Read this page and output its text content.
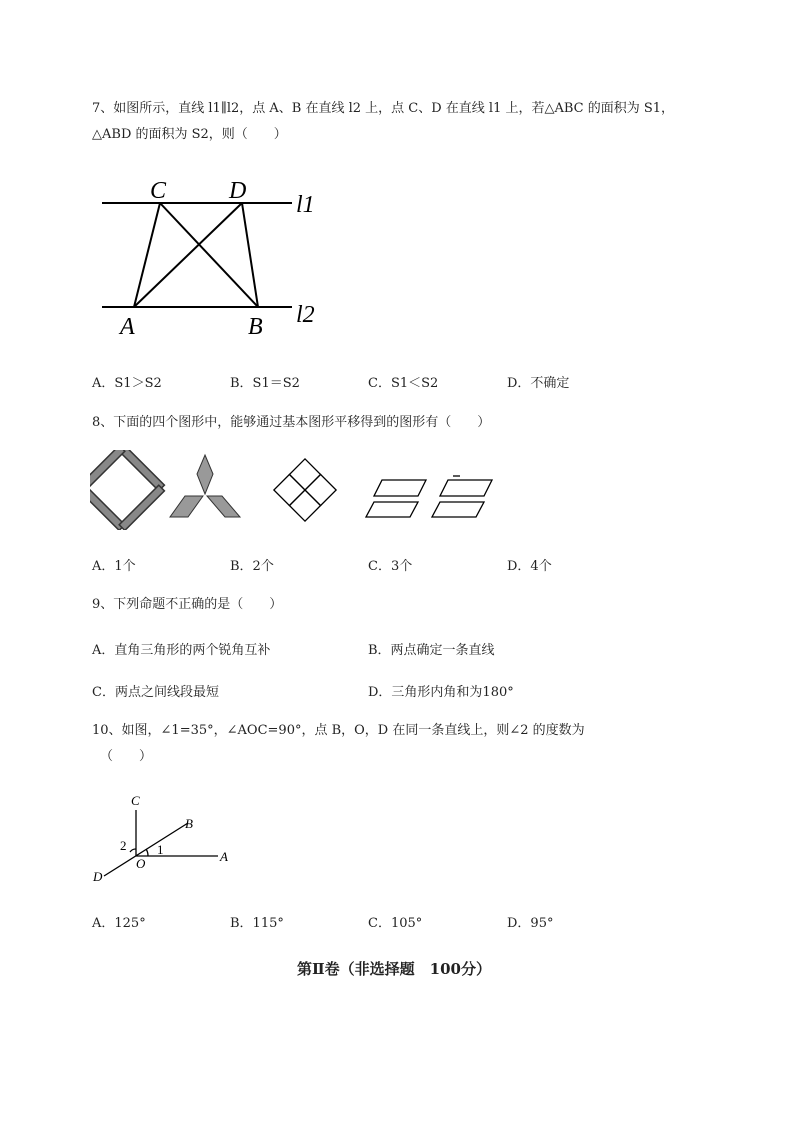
7、如图所示，直线 l1∥l2，点 A、B 在直线 l2 上，点 C、D 在直线 l1 上，若△ABC 的面积为 S1，
△ABD 的面积为 S2，则（　　）
C	D
A	B
l1
l2
A．S1＞S2	B．S1＝S2	C．S1＜S2	D．不确定
8、下面的四个图形中，能够通过基本图形平移得到的图形有（　　）
A．1个	B．2个	C．3个	D．4个
9、下列命题不正确的是（　　）
A．直角三角形的两个锐角互补	B．两点确定一条直线
C．两点之间线段最短	D．三角形内角和为180°
10、如图，∠1=35°，∠AOC=90°，点 B，O，D 在同一条直线上，则∠2 的度数为
（　　）
C
B
A
D
O
1
2
A．125°	B．115°	C．105°	D．95°
第Ⅱ卷（非选择题　100分）
